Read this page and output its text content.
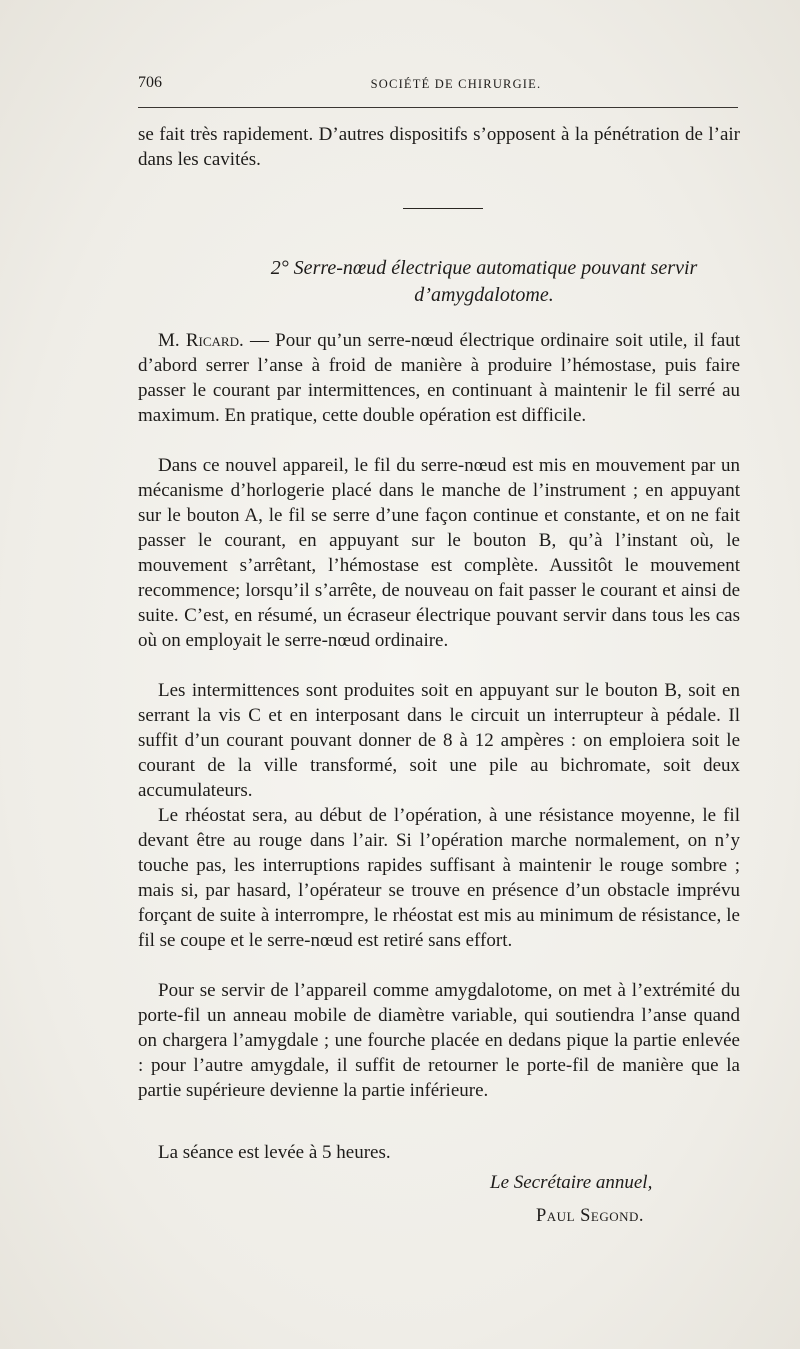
706	SOCIÉTÉ DE CHIRURGIE.

se fait très rapidement. D’autres dispositifs s’opposent à la pénétration de l’air dans les cavités.

2° Serre-nœud électrique automatique pouvant servir
d’amygdalotome.

M. Ricard. — Pour qu’un serre-nœud électrique ordinaire soit utile, il faut d’abord serrer l’anse à froid de manière à produire l’hémostase, puis faire passer le courant par intermittences, en continuant à maintenir le fil serré au maximum. En pratique, cette double opération est difficile.

Dans ce nouvel appareil, le fil du serre-nœud est mis en mouvement par un mécanisme d’horlogerie placé dans le manche de l’instrument ; en appuyant sur le bouton A, le fil se serre d’une façon continue et constante, et on ne fait passer le courant, en appuyant sur le bouton B, qu’à l’instant où, le mouvement s’arrêtant, l’hémostase est complète. Aussitôt le mouvement recommence; lorsqu’il s’arrête, de nouveau on fait passer le courant et ainsi de suite. C’est, en résumé, un écraseur électrique pouvant servir dans tous les cas où on employait le serre-nœud ordinaire.

Les intermittences sont produites soit en appuyant sur le bouton B, soit en serrant la vis C et en interposant dans le circuit un interrupteur à pédale. Il suffit d’un courant pouvant donner de 8 à 12 ampères : on emploiera soit le courant de la ville transformé, soit une pile au bichromate, soit deux accumulateurs.

Le rhéostat sera, au début de l’opération, à une résistance moyenne, le fil devant être au rouge dans l’air. Si l’opération marche normalement, on n’y touche pas, les interruptions rapides suffisant à maintenir le rouge sombre ; mais si, par hasard, l’opérateur se trouve en présence d’un obstacle imprévu forçant de suite à interrompre, le rhéostat est mis au minimum de résistance, le fil se coupe et le serre-nœud est retiré sans effort.

Pour se servir de l’appareil comme amygdalotome, on met à l’extrémité du porte-fil un anneau mobile de diamètre variable, qui soutiendra l’anse quand on chargera l’amygdale ; une fourche placée en dedans pique la partie enlevée : pour l’autre amygdale, il suffit de retourner le porte-fil de manière que la partie supérieure devienne la partie inférieure.

La séance est levée à 5 heures.

Le Secrétaire annuel,
Paul Segond.
